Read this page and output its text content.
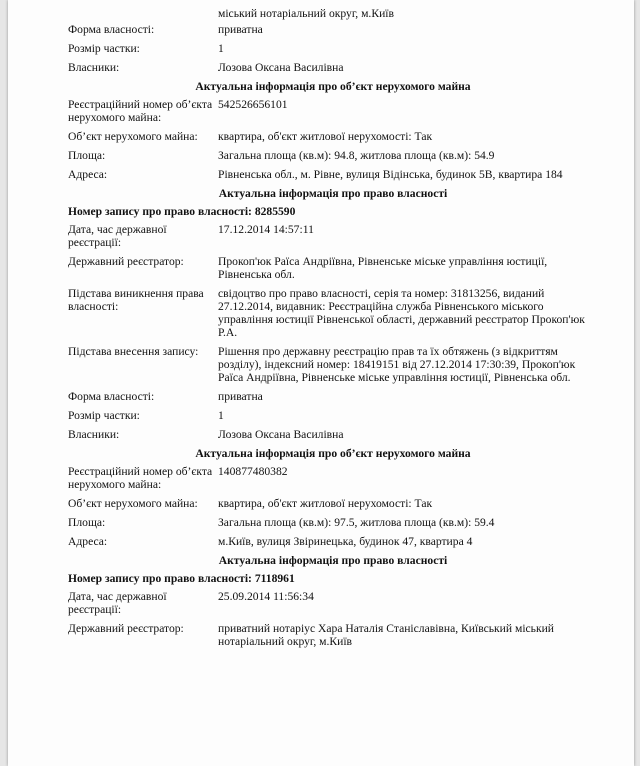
міський нотаріальний округ, м.Київ
Форма власності:	приватна
Розмір частки:	1
Власники:	Лозова Оксана Василівна
Актуальна інформація про об’єкт нерухомого майна
Реєстраційний номер об’єкта нерухомого майна:
542526656101
Об’єкт нерухомого майна:	квартира, об'єкт житлової нерухомості: Так
Площа:	Загальна площа (кв.м): 94.8, житлова площа (кв.м): 54.9
Адреса:	Рівненська обл., м. Рівне, вулиця Відінська, будинок 5В, квартира 184
Актуальна інформація про право власності
Номер запису про право власності: 8285590
Дата, час державної реєстрації:
17.12.2014 14:57:11
Державний реєстратор:	Прокоп'юк Раїса Андріївна, Рівненське міське управління юстиції, Рівненська обл.
Підстава виникнення права власності:
свідоцтво про право власності, серія та номер: 31813256, виданий 27.12.2014, видавник: Реєстраційна служба Рівненського міського управління юстиції Рівненської області, державний реєстратор Прокоп'юк Р.А.
Підстава внесення запису:	Рішення про державну реєстрацію прав та їх обтяжень (з відкриттям розділу), індексний номер: 18419151 від 27.12.2014 17:30:39, Прокоп'юк Раїса Андріївна, Рівненське міське управління юстиції, Рівненська обл.
Форма власності:	приватна
Розмір частки:	1
Власники:	Лозова Оксана Василівна
Актуальна інформація про об’єкт нерухомого майна
Реєстраційний номер об’єкта нерухомого майна:
140877480382
Об’єкт нерухомого майна:	квартира, об'єкт житлової нерухомості: Так
Площа:	Загальна площа (кв.м): 97.5, житлова площа (кв.м): 59.4
Адреса:	м.Київ, вулиця Звіринецька, будинок 47, квартира 4
Актуальна інформація про право власності
Номер запису про право власності: 7118961
Дата, час державної реєстрації:
25.09.2014 11:56:34
Державний реєстратор:	приватний нотаріус Хара Наталія Станіславівна, Київський міський нотаріальний округ, м.Київ
